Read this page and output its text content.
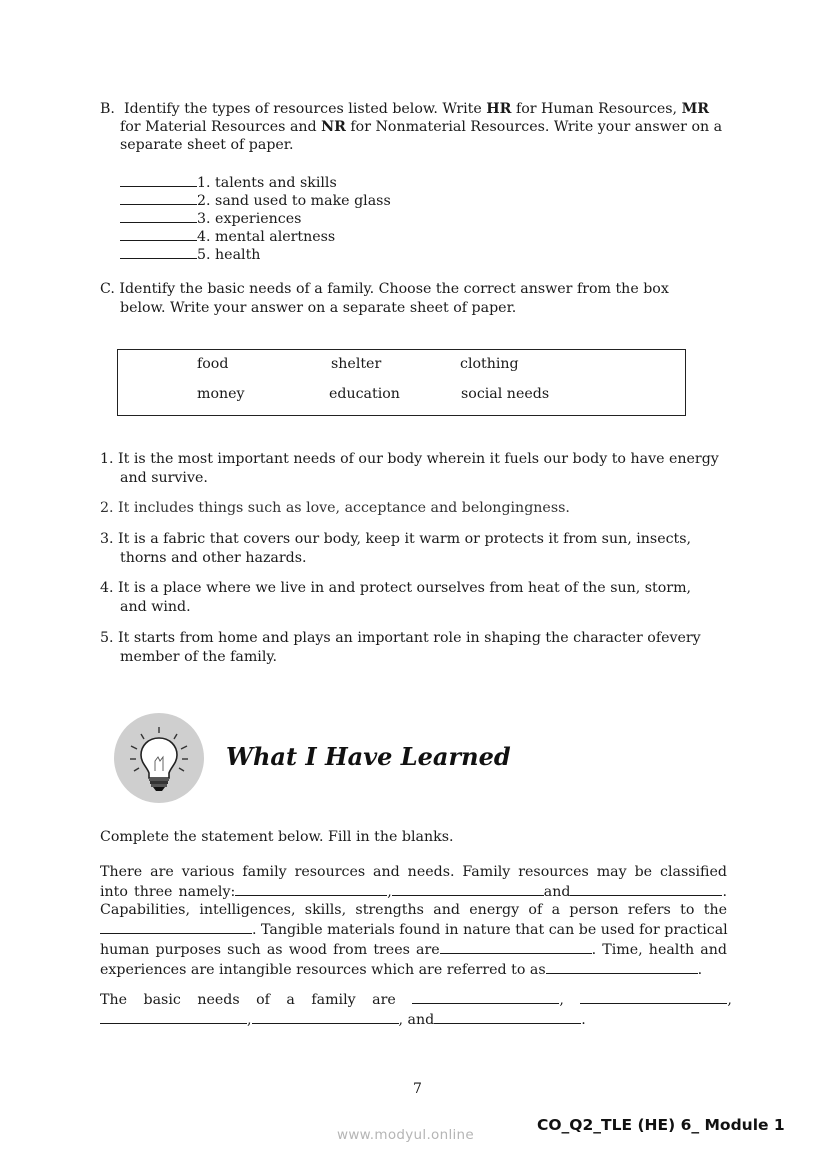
B. Identify the types of resources listed below. Write HR for Human Resources, MR
for Material Resources and NR for Nonmaterial Resources. Write your answer on a
separate sheet of paper.
1. talents and skills
2. sand used to make glass
3. experiences
4. mental alertness
5. health
C. Identify the basic needs of a family. Choose the correct answer from the box
below. Write your answer on a separate sheet of paper.
food	shelter	clothing
money	education	social needs
1. It is the most important needs of our body wherein it fuels our body to have energy
and survive.
2. It includes things such as love, acceptance and belongingness.
3. It is a fabric that covers our body, keep it warm or protects it from sun, insects,
thorns and other hazards.
4. It is a place where we live in and protect ourselves from heat of the sun, storm,
and wind.
5. It starts from home and plays an important role in shaping the character ofevery
member of the family.
What I Have Learned
Complete the statement below. Fill in the blanks.
There are various family resources and needs. Family resources may be classified
into three namely:	,	and	.
Capabilities, intelligences, skills, strengths and energy of a person refers to the
. Tangible materials found in nature that can be used for practical
human purposes such as wood from trees are	. Time, health and
experiences are intangible resources which are referred to as	.
The basic needs of a family are	,	,
,	, and	.
7
CO_Q2_TLE (HE) 6_ Module 1
www.modyul.online
